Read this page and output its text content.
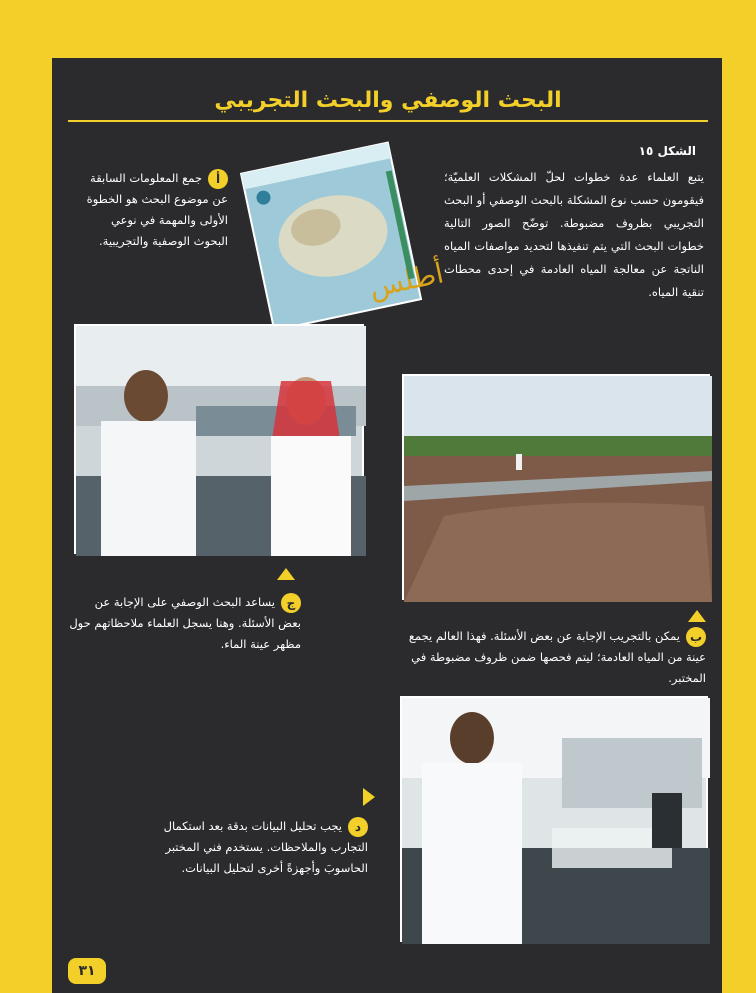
البحث الوصفي والبحث التجريبي
الشكل ١٥
يتبع العلماء عدة خطوات لحلّ المشكلات العلميّة؛ فيقومون حسب نوع المشكلة بالبحث الوصفي أو البحث التجريبي بظروف مضبوطة. توضّح الصور التالية خطوات البحث التي يتم تنفيذها لتحديد مواصفات المياه الناتجة عن معالجة المياه العادمة في إحدى محطات تنقية المياه.
أجمع المعلومات السابقة عن موضوع البحث هو الخطوة الأولى والمهمة في نوعي البحوث الوصفية والتجريبية.
أطلس
جيساعد البحث الوصفي على الإجابة عن بعض الأسئلة. وهنا يسجل العلماء ملاحظاتهم حول مظهر عينة الماء.
بيمكن بالتجريب الإجابة عن بعض الأسئلة. فهذا العالم يجمع عينة من المياه العادمة؛ ليتم فحصها ضمن ظروف مضبوطة في المختبر.
ديجب تحليل البيانات بدقة بعد استكمال التجارب والملاحظات. يستخدم فني المختبر الحاسوبَ وأجهزةً أخرى لتحليل البيانات.
٣١
